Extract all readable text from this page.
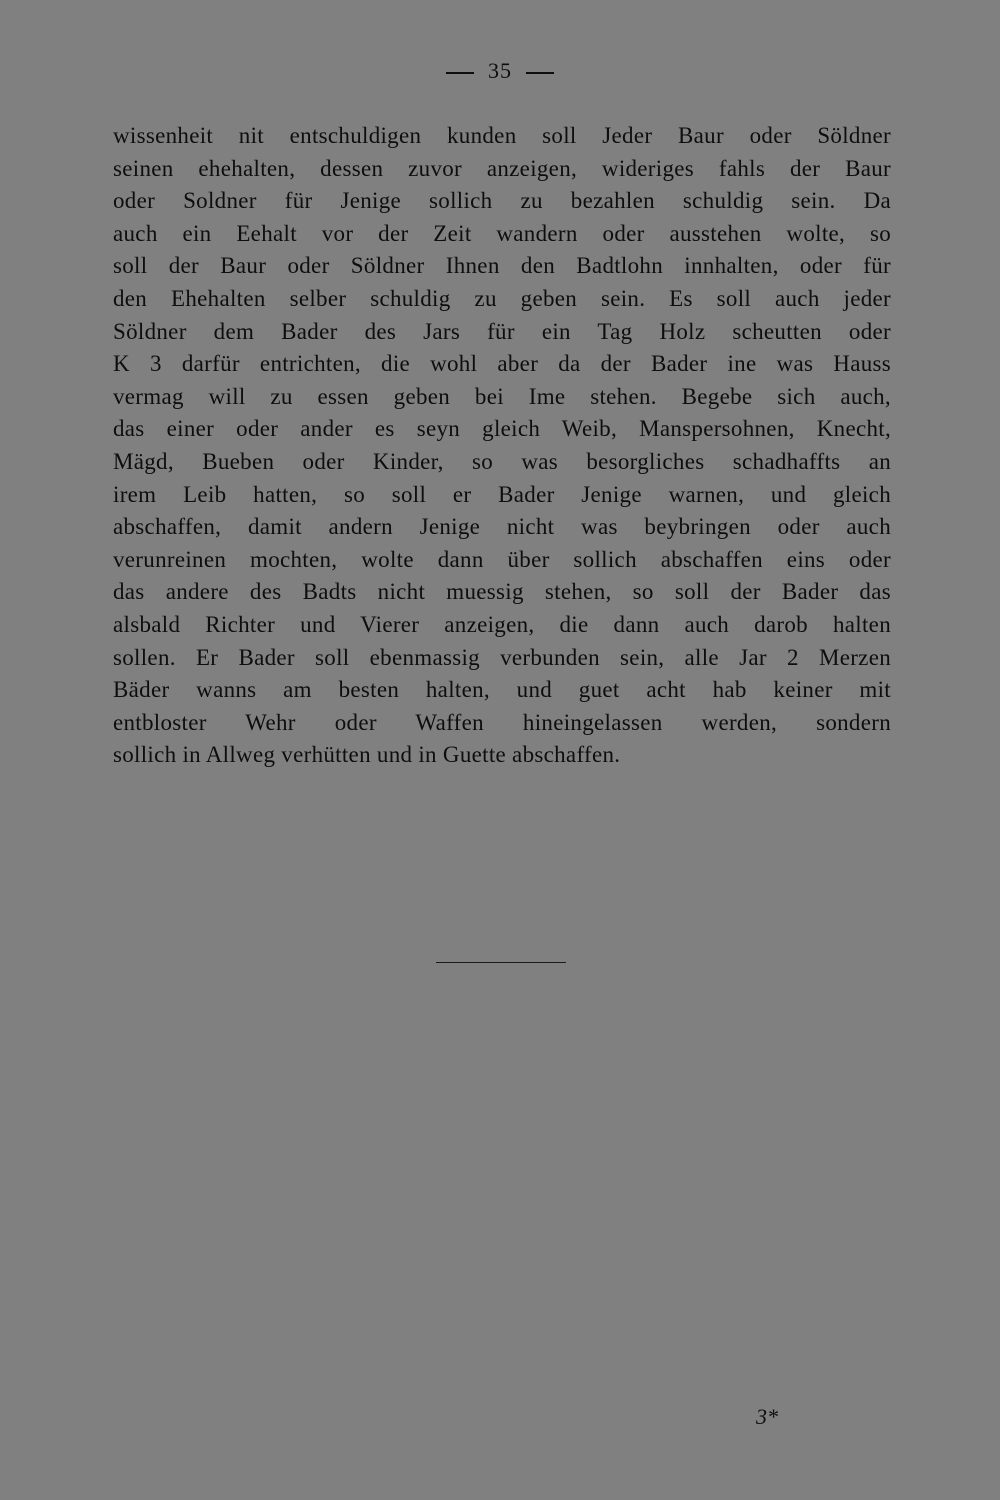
35
wissenheit nit entschuldigen kunden soll Jeder Baur oder Söldner
seinen ehehalten, dessen zuvor anzeigen, wideriges fahls der Baur
oder Soldner für Jenige sollich zu bezahlen schuldig sein. Da
auch ein Eehalt vor der Zeit wandern oder ausstehen wolte, so
soll der Baur oder Söldner Ihnen den Badtlohn innhalten, oder für
den Ehehalten selber schuldig zu geben sein. Es soll auch jeder
Söldner dem Bader des Jars für ein Tag Holz scheutten oder
K 3 darfür entrichten, die wohl aber da der Bader ine was Hauss
vermag will zu essen geben bei Ime stehen. Begebe sich auch,
das einer oder ander es seyn gleich Weib, Manspersohnen, Knecht,
Mägd, Bueben oder Kinder, so was besorgliches schadhaffts an
irem Leib hatten, so soll er Bader Jenige warnen, und gleich
abschaffen, damit andern Jenige nicht was beybringen oder auch
verunreinen mochten, wolte dann über sollich abschaffen eins oder
das andere des Badts nicht muessig stehen, so soll der Bader das
alsbald Richter und Vierer anzeigen, die dann auch darob halten
sollen. Er Bader soll ebenmassig verbunden sein, alle Jar 2 Merzen
Bäder wanns am besten halten, und guet acht hab keiner mit
entbloster Wehr oder Waffen hineingelassen werden, sondern
sollich in Allweg verhütten und in Guette abschaffen.
3*
